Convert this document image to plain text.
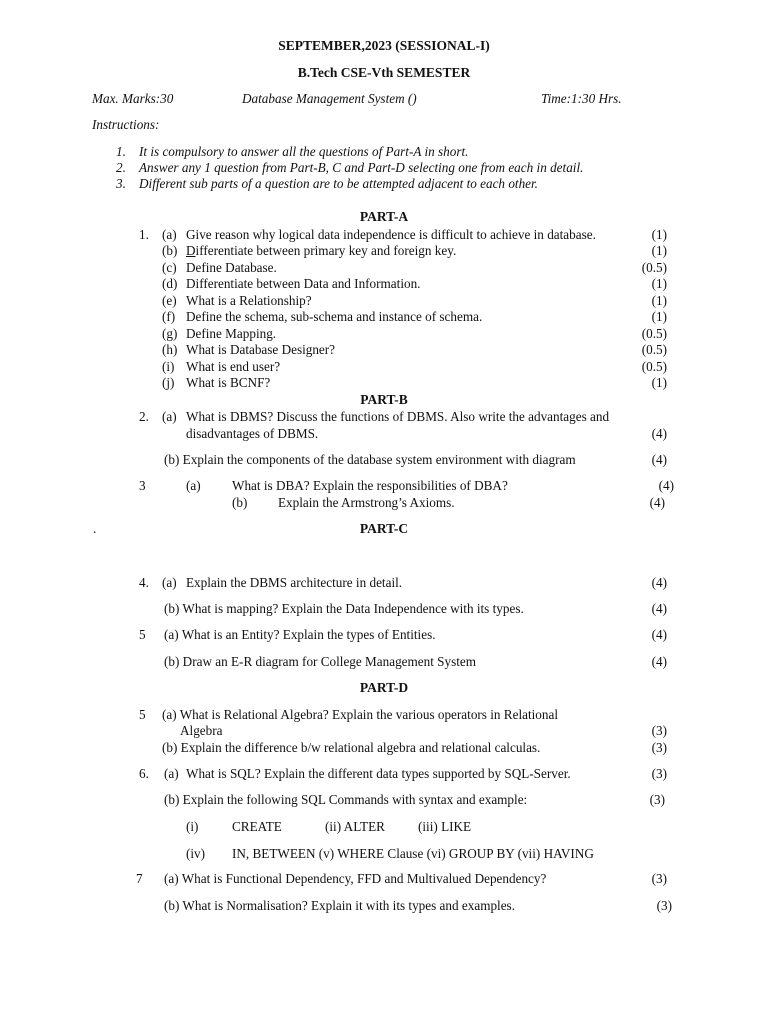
SEPTEMBER,2023 (SESSIONAL-I)
B.Tech CSE-Vth SEMESTER
Max. Marks:30	Database Management System ()	Time:1:30 Hrs.
Instructions:
1. It is compulsory to answer all the questions of Part-A in short.
2. Answer any 1 question from Part-B, C and Part-D selecting one from each in detail.
3. Different sub parts of a question are to be attempted adjacent to each other.
PART-A
1. (a) Give reason why logical data independence is difficult to achieve in database.	(1)
(b) Differentiate between primary key and foreign key.	(1)
(c) Define Database.	(0.5)
(d) Differentiate between Data and Information.	(1)
(e) What is a Relationship?	(1)
(f) Define the schema, sub-schema and instance of schema.	(1)
(g) Define Mapping.	(0.5)
(h) What is Database Designer?	(0.5)
(i) What is end user?	(0.5)
(j) What is BCNF?	(1)
PART-B
2. (a) What is DBMS? Discuss the functions of DBMS. Also write the advantages and
disadvantages of DBMS.	(4)
(b) Explain the components of the database system environment with diagram	(4)
3	(a) What is DBA? Explain the responsibilities of DBA?	(4)
(b) Explain the Armstrong’s Axioms.	(4)
.	PART-C
4. (a) Explain the DBMS architecture in detail.	(4)
(b) What is mapping? Explain the Data Independence with its types.	(4)
5 (a) What is an Entity? Explain the types of Entities.	(4)
(b) Draw an E-R diagram for College Management System	(4)
PART-D
5 (a) What is Relational Algebra? Explain the various operators in Relational
Algebra	(3)
(b) Explain the difference b/w relational algebra and relational calculas.	(3)
6. (a) What is SQL? Explain the different data types supported by SQL-Server.	(3)
(b) Explain the following SQL Commands with syntax and example:	(3)
(i)	CREATE	(ii) ALTER	(iii) LIKE
(iv) IN, BETWEEN (v) WHERE Clause (vi) GROUP BY (vii) HAVING
7 (a) What is Functional Dependency, FFD and Multivalued Dependency?	(3)
(b) What is Normalisation? Explain it with its types and examples.	(3)
